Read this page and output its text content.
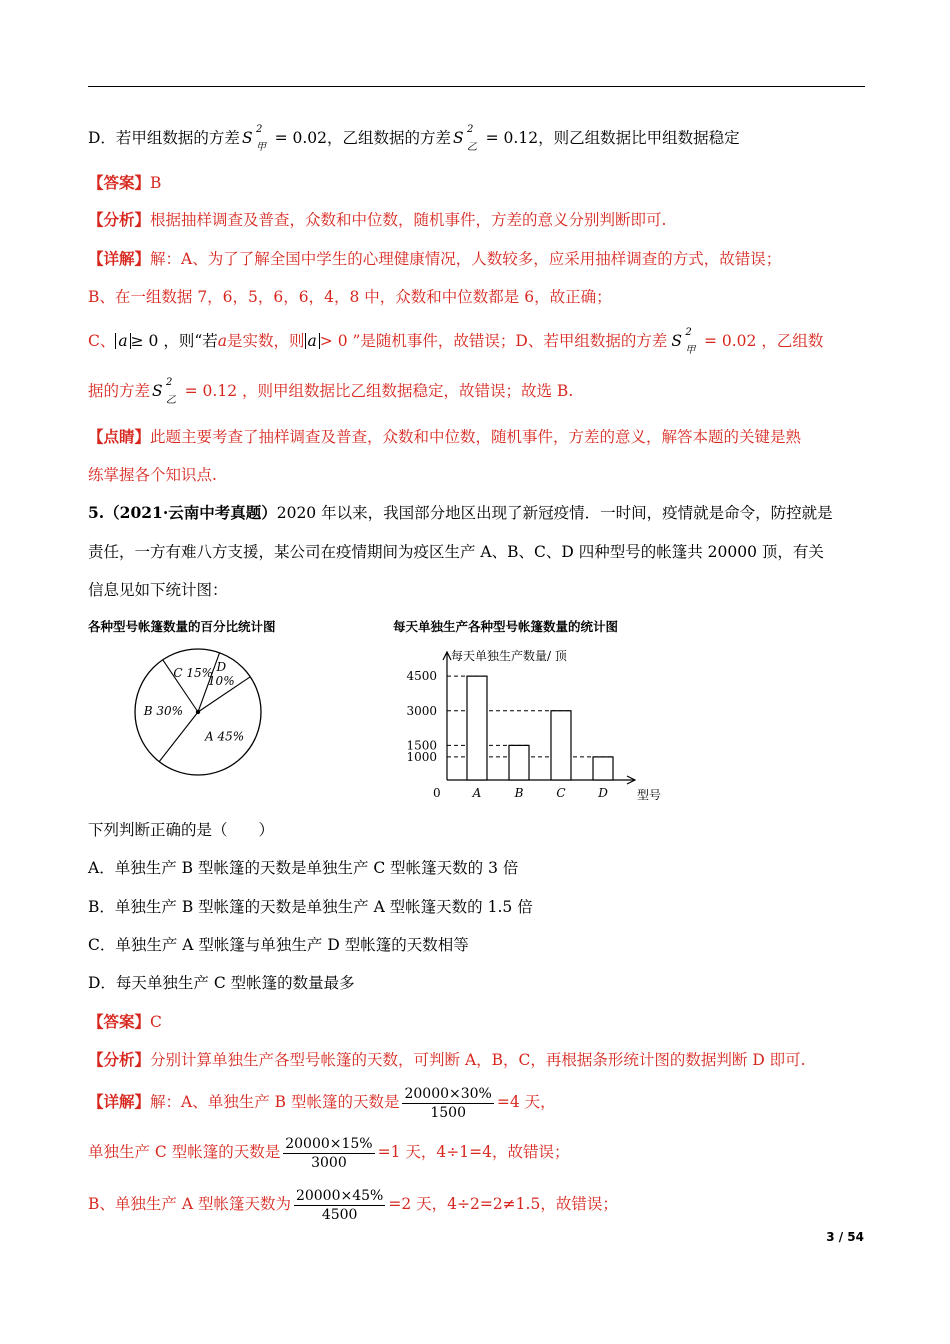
D．若甲组数据的方差 S 2
甲
= 0.02，乙组数据的方差 S 2
乙
= 0.12，则乙组数据比甲组数据稳定
【答案】B
【分析】根据抽样调查及普查，众数和中位数，随机事件，方差的意义分别判断即可.
【详解】解：A、为了了解全国中学生的心理健康情况，人数较多，应采用抽样调查的方式，故错误；
B、在一组数据 7，6，5，6，6，4，8 中，众数和中位数都是 6，故正确；
C、 a ≥ 0 ，则“若a是实数，则 a > 0 ”是随机事件，故错误；D、若甲组数据的方差 S 2
甲
= 0.02 ，乙组数
据的方差 S 2
乙
= 0.12 ，则甲组数据比乙组数据稳定，故错误；故选 B.
【点睛】此题主要考查了抽样调查及普查，众数和中位数，随机事件，方差的意义，解答本题的关键是熟
练掌握各个知识点.
5.（2021·云南中考真题）2020 年以来，我国部分地区出现了新冠疫情．一时间，疫情就是命令，防控就是
责任，一方有难八方支援，某公司在疫情期间为疫区生产 A、B、C、D 四种型号的帐篷共 20000 顶，有关
信息见如下统计图：
各种型号帐篷数量的百分比统计图
D 10%
A 45%
B 30%
C 15%
每天单独生产各种型号帐篷数量的统计图
每天单独生产数量/ 顶
0	型号
1000
1500
3000
4500
A	B	C	D
下列判断正确的是（　　）
A．单独生产 B 型帐篷的天数是单独生产 C 型帐篷天数的 3 倍
B．单独生产 B 型帐篷的天数是单独生产 A 型帐篷天数的 1.5 倍
C．单独生产 A 型帐篷与单独生产 D 型帐篷的天数相等
D．每天单独生产 C 型帐篷的数量最多
【答案】C
【分析】分别计算单独生产各型号帐篷的天数，可判断 A，B，C，再根据条形统计图的数据判断 D 即可.
【详解】解：A、单独生产 B 型帐篷的天数是 $\frac{20000\times 30\%}{1500} =4$ 天，
单独生产 C 型帐篷的天数是 $\frac{20000\times 15\%}{3000} =1$ 天，4÷1=4，故错误；
B、单独生产 A 型帐篷天数为 $\frac{20000\times 45\%}{4500} =2$ 天，4÷2=2≠1.5，故错误；
3 / 54
